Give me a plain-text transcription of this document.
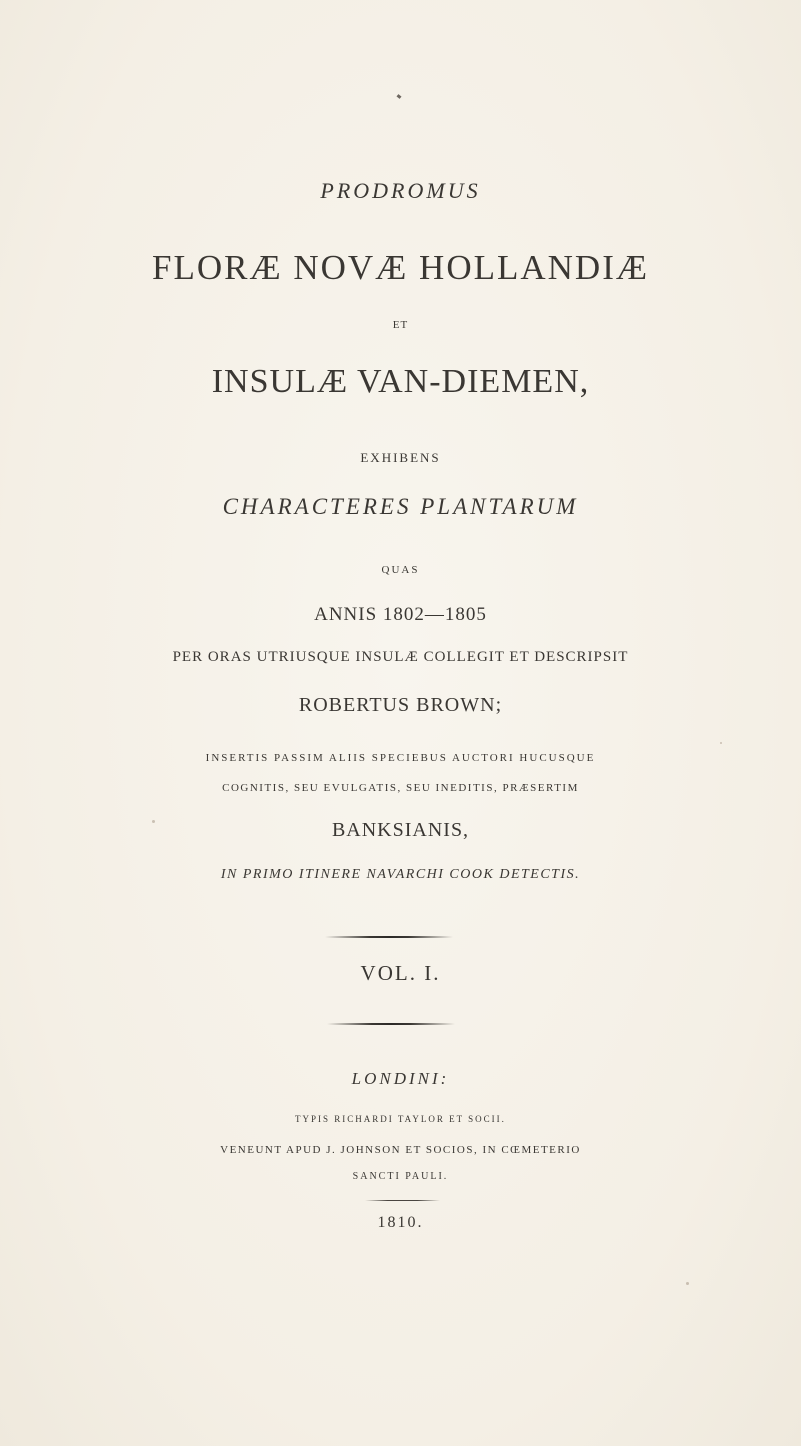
PRODROMUS
FLORÆ NOVÆ HOLLANDIÆ
ET
INSULÆ VAN-DIEMEN,
EXHIBENS
CHARACTERES PLANTARUM
QUAS
ANNIS 1802—1805
PER ORAS UTRIUSQUE INSULÆ COLLEGIT ET DESCRIPSIT
ROBERTUS BROWN;
INSERTIS PASSIM ALIIS SPECIEBUS AUCTORI HUCUSQUE
COGNITIS, SEU EVULGATIS, SEU INEDITIS, PRÆSERTIM
BANKSIANIS,
IN PRIMO ITINERE NAVARCHI COOK DETECTIS.
VOL. I.
LONDINI:
TYPIS RICHARDI TAYLOR ET SOCII.
VENEUNT APUD J. JOHNSON ET SOCIOS, IN CŒMETERIO
SANCTI PAULI.
1810.
